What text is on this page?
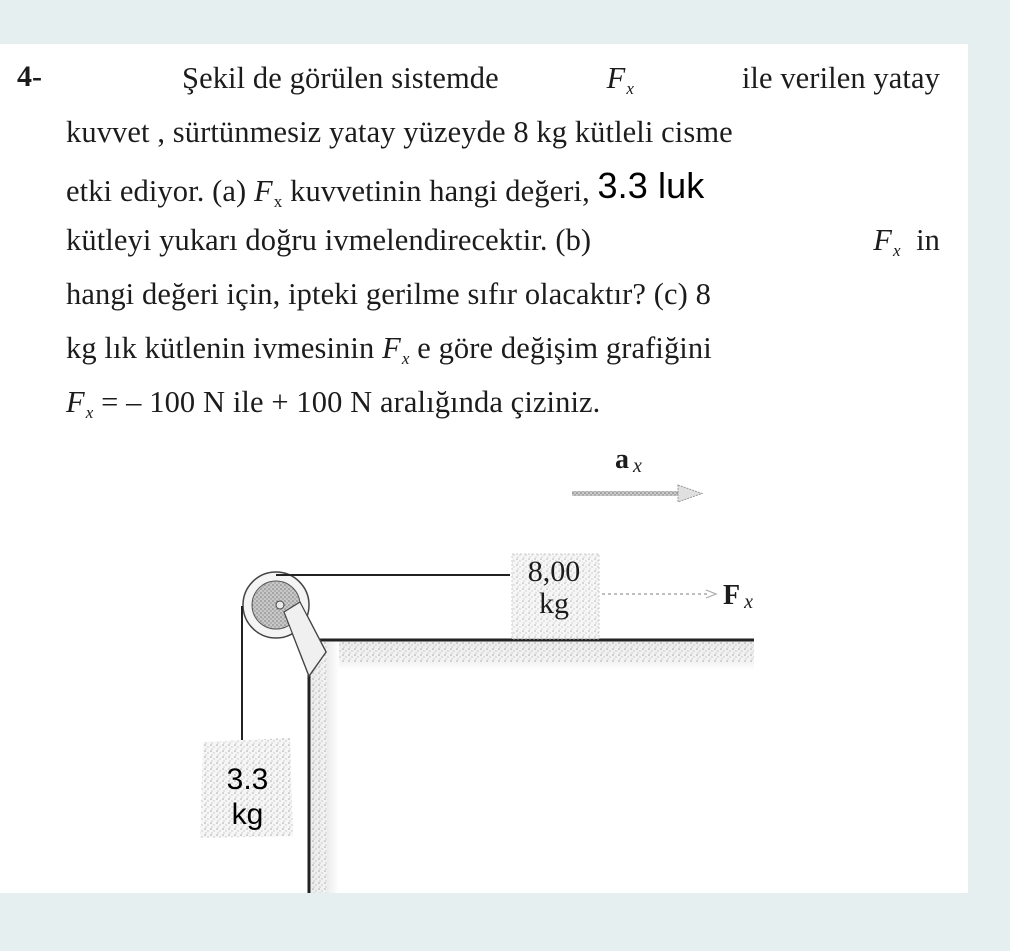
4-	Şekil de görülen sistemde	$F_x$	ile verilen yatay
kuvvet , sürtünmesiz yatay yüzeyde 8 kg kütleli cisme
etki ediyor. (a) $F_x$ kuvvetinin hangi değeri, 3.3 luk
kütleyi yukarı doğru ivmelendirecektir. (b)	$F_x$ in
hangi değeri için, ipteki gerilme sıfır olacaktır? (c) 8
kg lık kütlenin ivmesinin $F_x$ e göre değişim grafiğini
$F_x$ = – 100 N ile + 100 N aralığında çiziniz.
a $_x$
F $_x$
8,00
kg
3.3
kg
